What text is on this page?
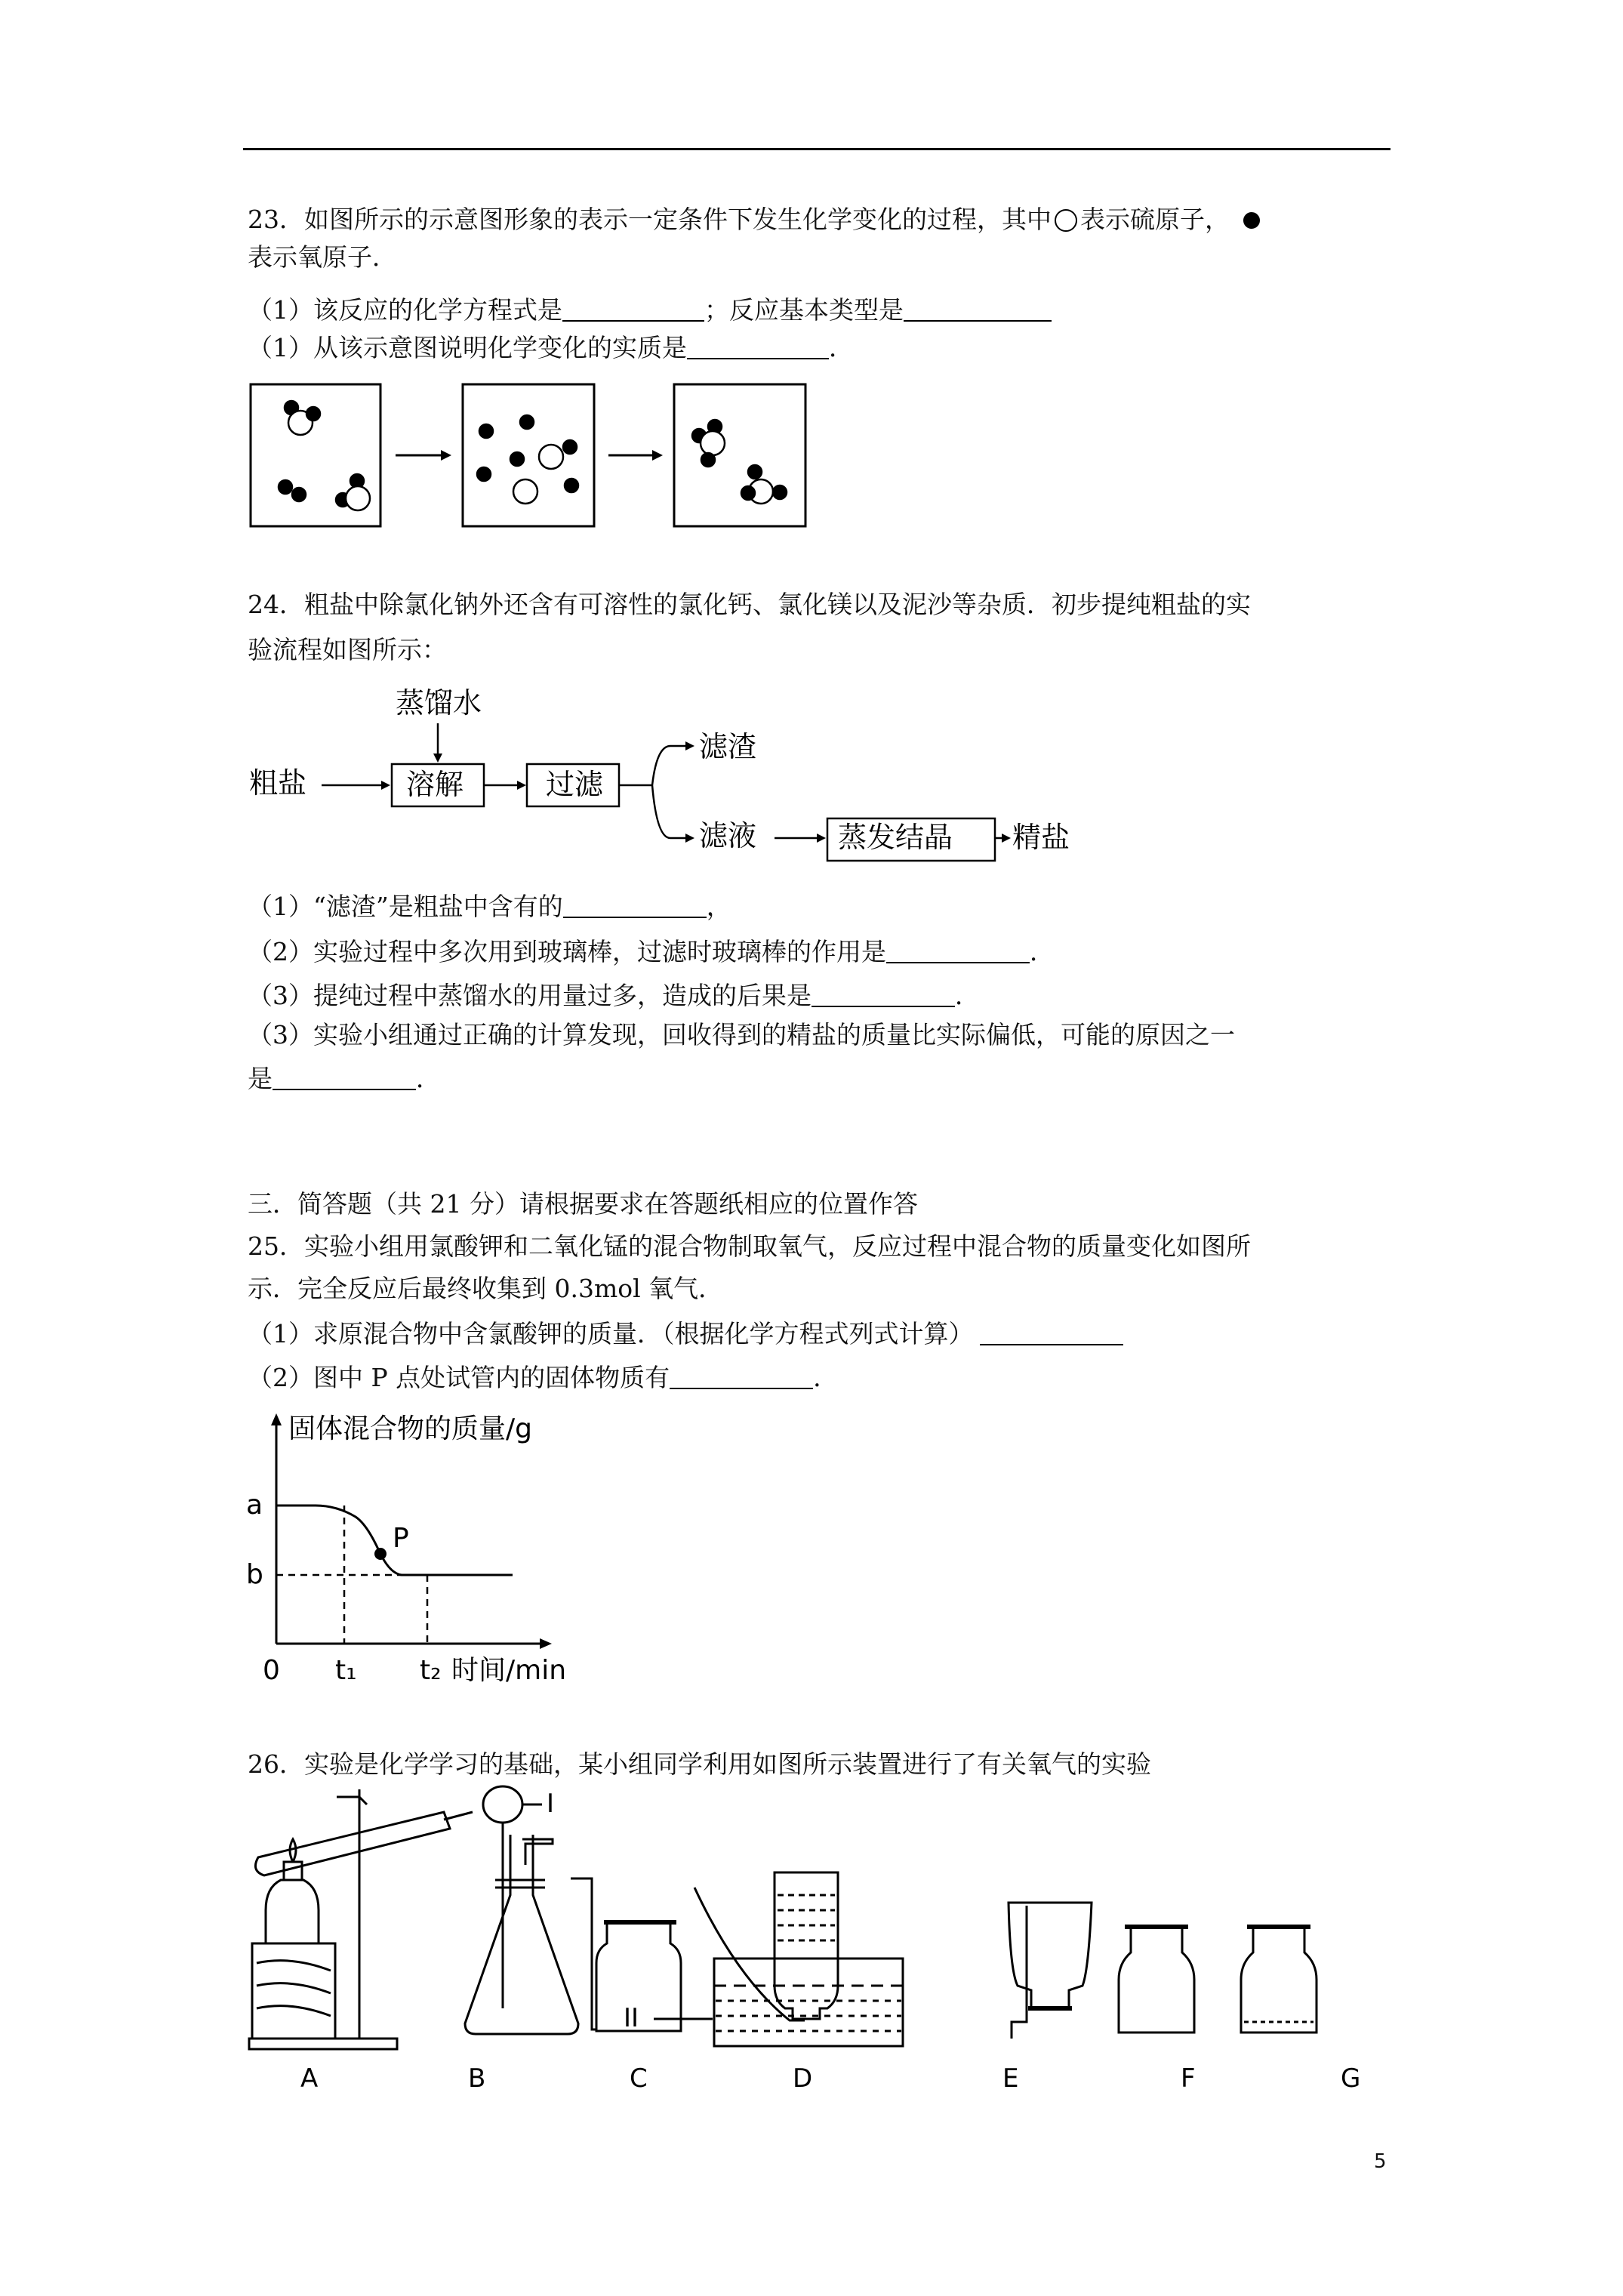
23．如图所示的示意图形象的表示一定条件下发生化学变化的过程，其中 表示硫原子，
表示氧原子．
（1）该反应的化学方程式是	；反应基本类型是
（1）从该示意图说明化学变化的实质是	．
24．粗盐中除氯化钠外还含有可溶性的氯化钙、氯化镁以及泥沙等杂质．初步提纯粗盐的实
验流程如图所示：
蒸馏水
粗盐	溶解	过滤
滤渣
滤液	蒸发结晶 精盐
（1）“滤渣”是粗盐中含有的	，
（2）实验过程中多次用到玻璃棒，过滤时玻璃棒的作用是	．
（3）提纯过程中蒸馏水的用量过多，造成的后果是	．
（3）实验小组通过正确的计算发现，回收得到的精盐的质量比实际偏低，可能的原因之一
是	．
三．简答题（共 21 分）请根据要求在答题纸相应的位置作答
25．实验小组用氯酸钾和二氧化锰的混合物制取氧气，反应过程中混合物的质量变化如图所
示．完全反应后最终收集到 0.3mol 氧气．
（1）求原混合物中含氯酸钾的质量．（根据化学方程式列式计算）
（2）图中 P 点处试管内的固体物质有	．
固体混合物的质量/g
a
b
P
0 t₁ t₂ 时间/min
26．实验是化学学习的基础，某小组同学利用如图所示装置进行了有关氧气的实验
I
II
A	B	C	D	E	F	G
5
